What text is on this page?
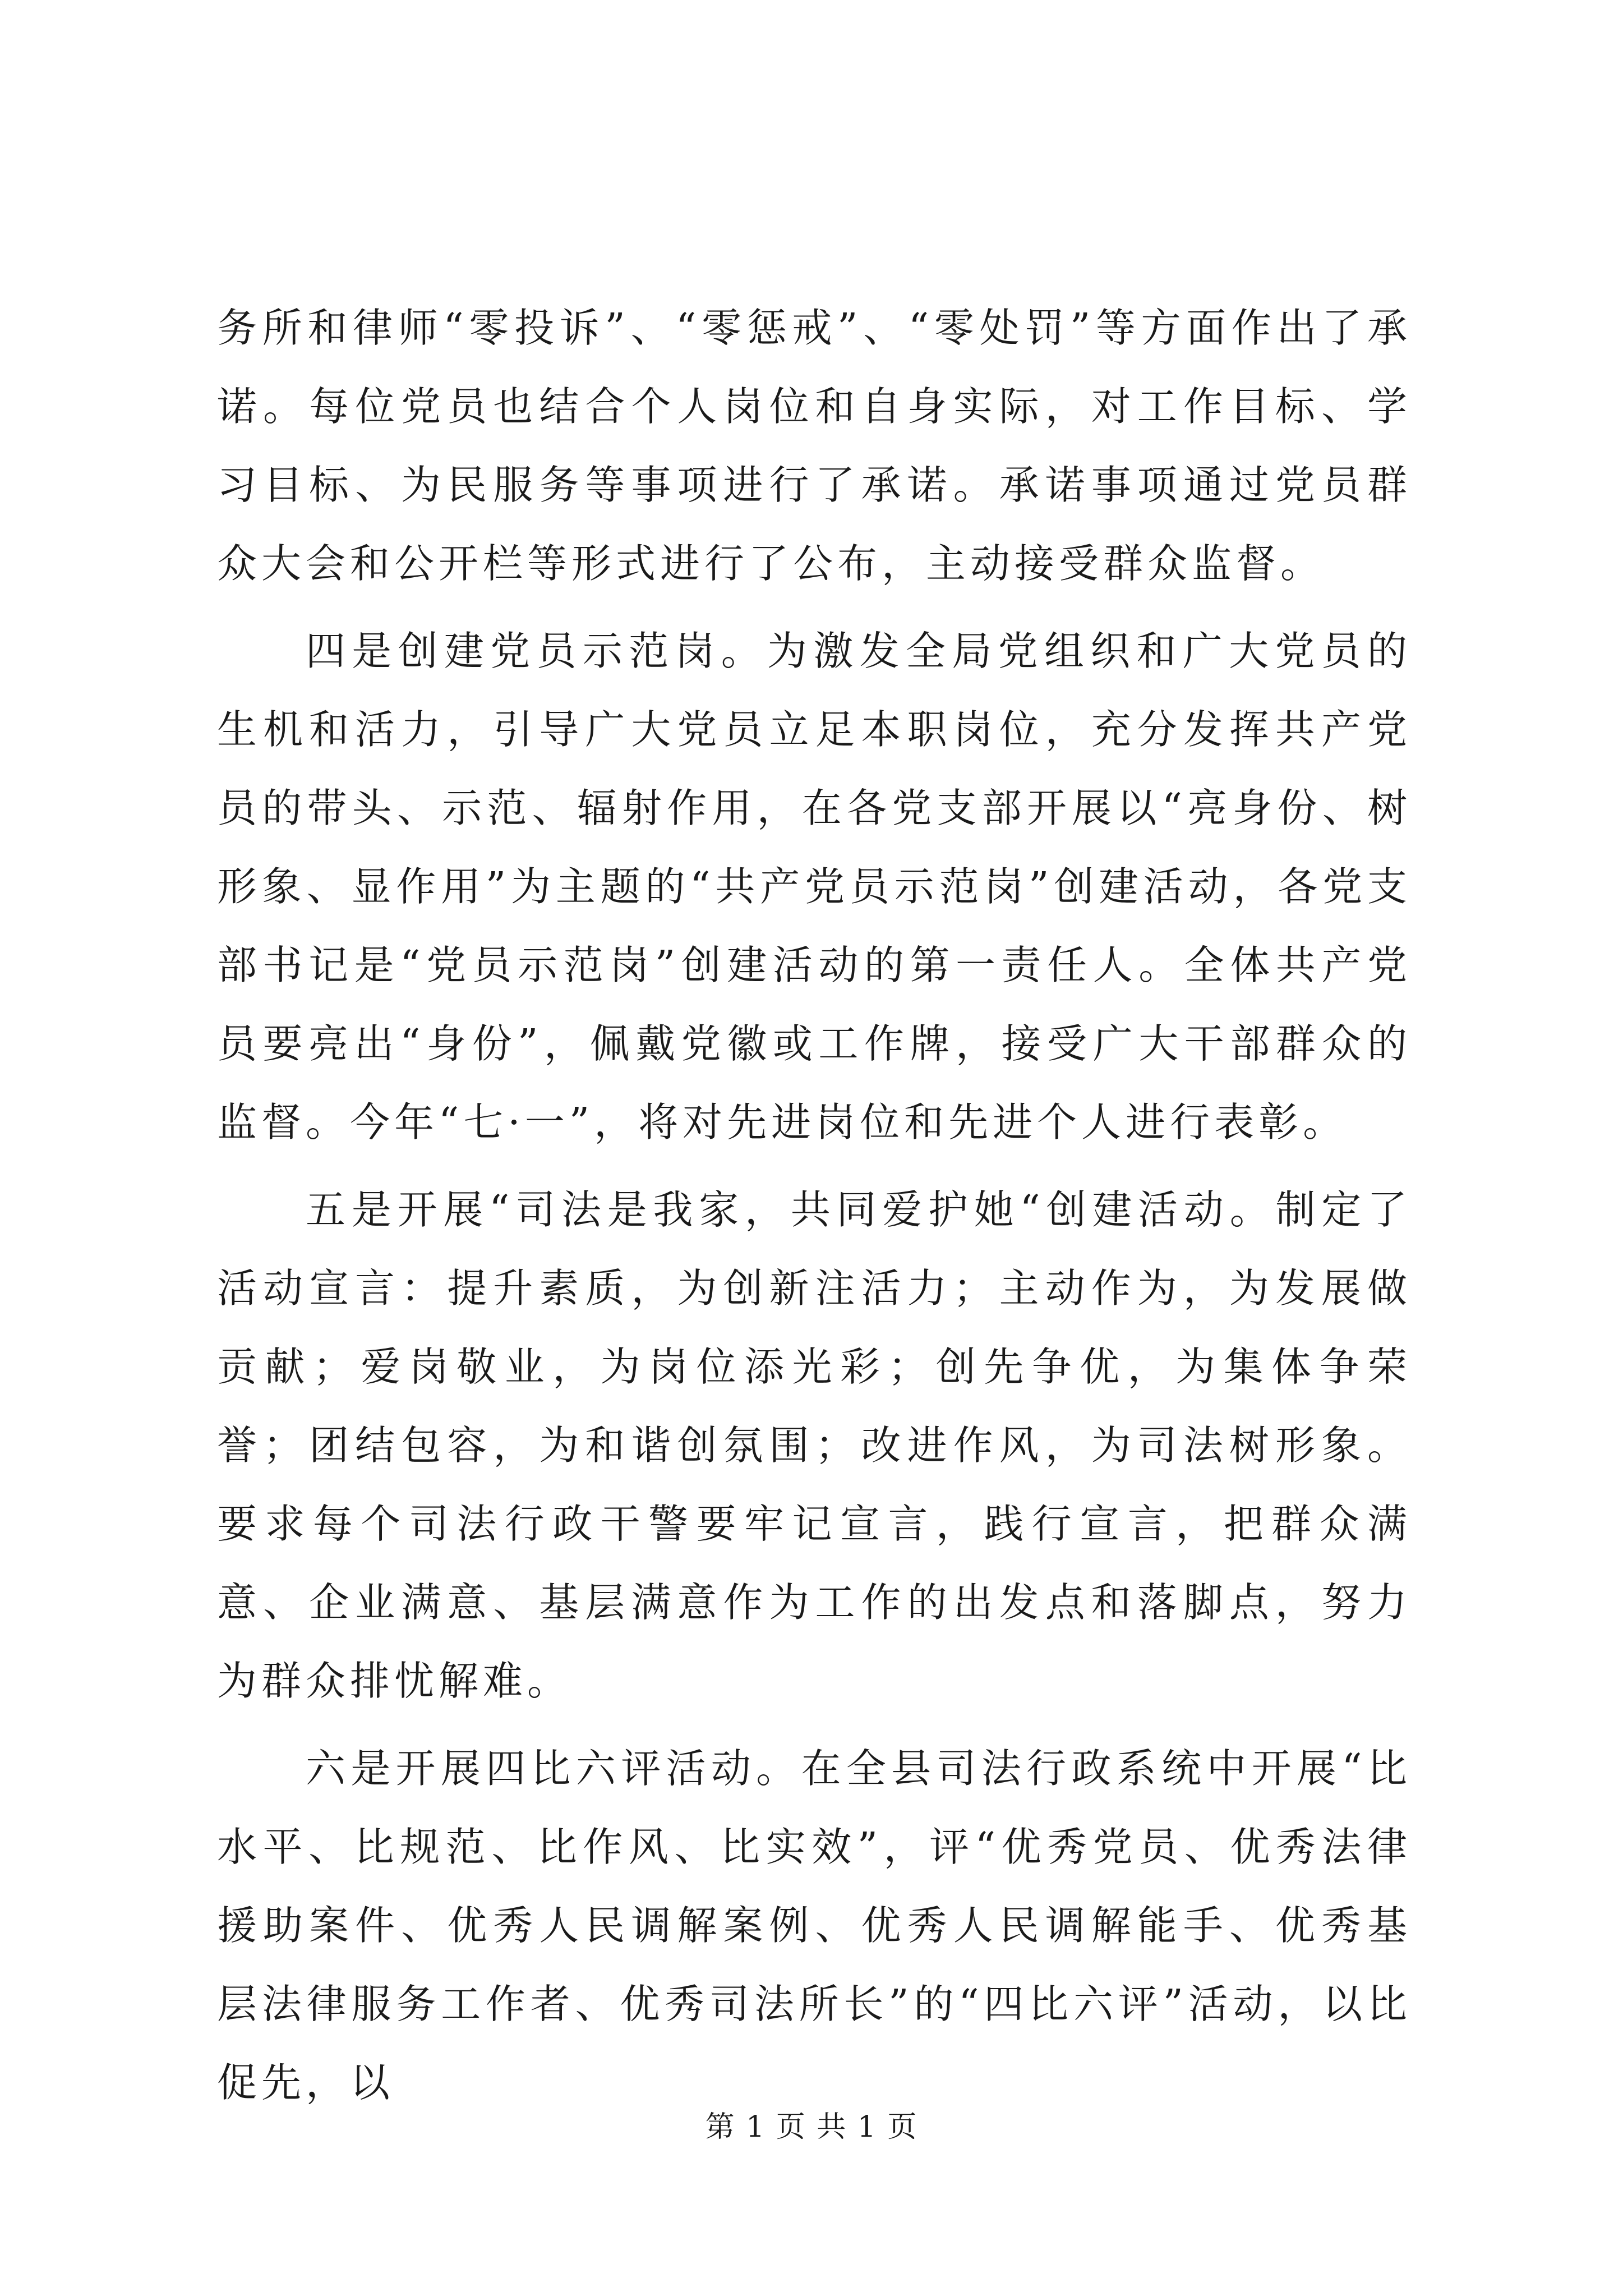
务所和律师“零投诉”、“零惩戒”、“零处罚”等方面作出了承诺。每位党员也结合个人岗位和自身实际，对工作目标、学习目标、为民服务等事项进行了承诺。承诺事项通过党员群众大会和公开栏等形式进行了公布，主动接受群众监督。

四是创建党员示范岗。为激发全局党组织和广大党员的生机和活力，引导广大党员立足本职岗位，充分发挥共产党员的带头、示范、辐射作用，在各党支部开展以“亮身份、树形象、显作用”为主题的“共产党员示范岗”创建活动，各党支部书记是“党员示范岗”创建活动的第一责任人。全体共产党员要亮出“身份”，佩戴党徽或工作牌，接受广大干部群众的监督。今年“七·一”，将对先进岗位和先进个人进行表彰。

五是开展“司法是我家，共同爱护她“创建活动。制定了活动宣言：提升素质，为创新注活力；主动作为，为发展做贡献；爱岗敬业，为岗位添光彩；创先争优，为集体争荣誉；团结包容，为和谐创氛围；改进作风，为司法树形象。要求每个司法行政干警要牢记宣言，践行宣言，把群众满意、企业满意、基层满意作为工作的出发点和落脚点，努力为群众排忧解难。

六是开展四比六评活动。在全县司法行政系统中开展“比水平、比规范、比作风、比实效”，评“优秀党员、优秀法律援助案件、优秀人民调解案例、优秀人民调解能手、优秀基层法律服务工作者、优秀司法所长”的“四比六评”活动，以比促先，以

第 1 页 共 1 页
